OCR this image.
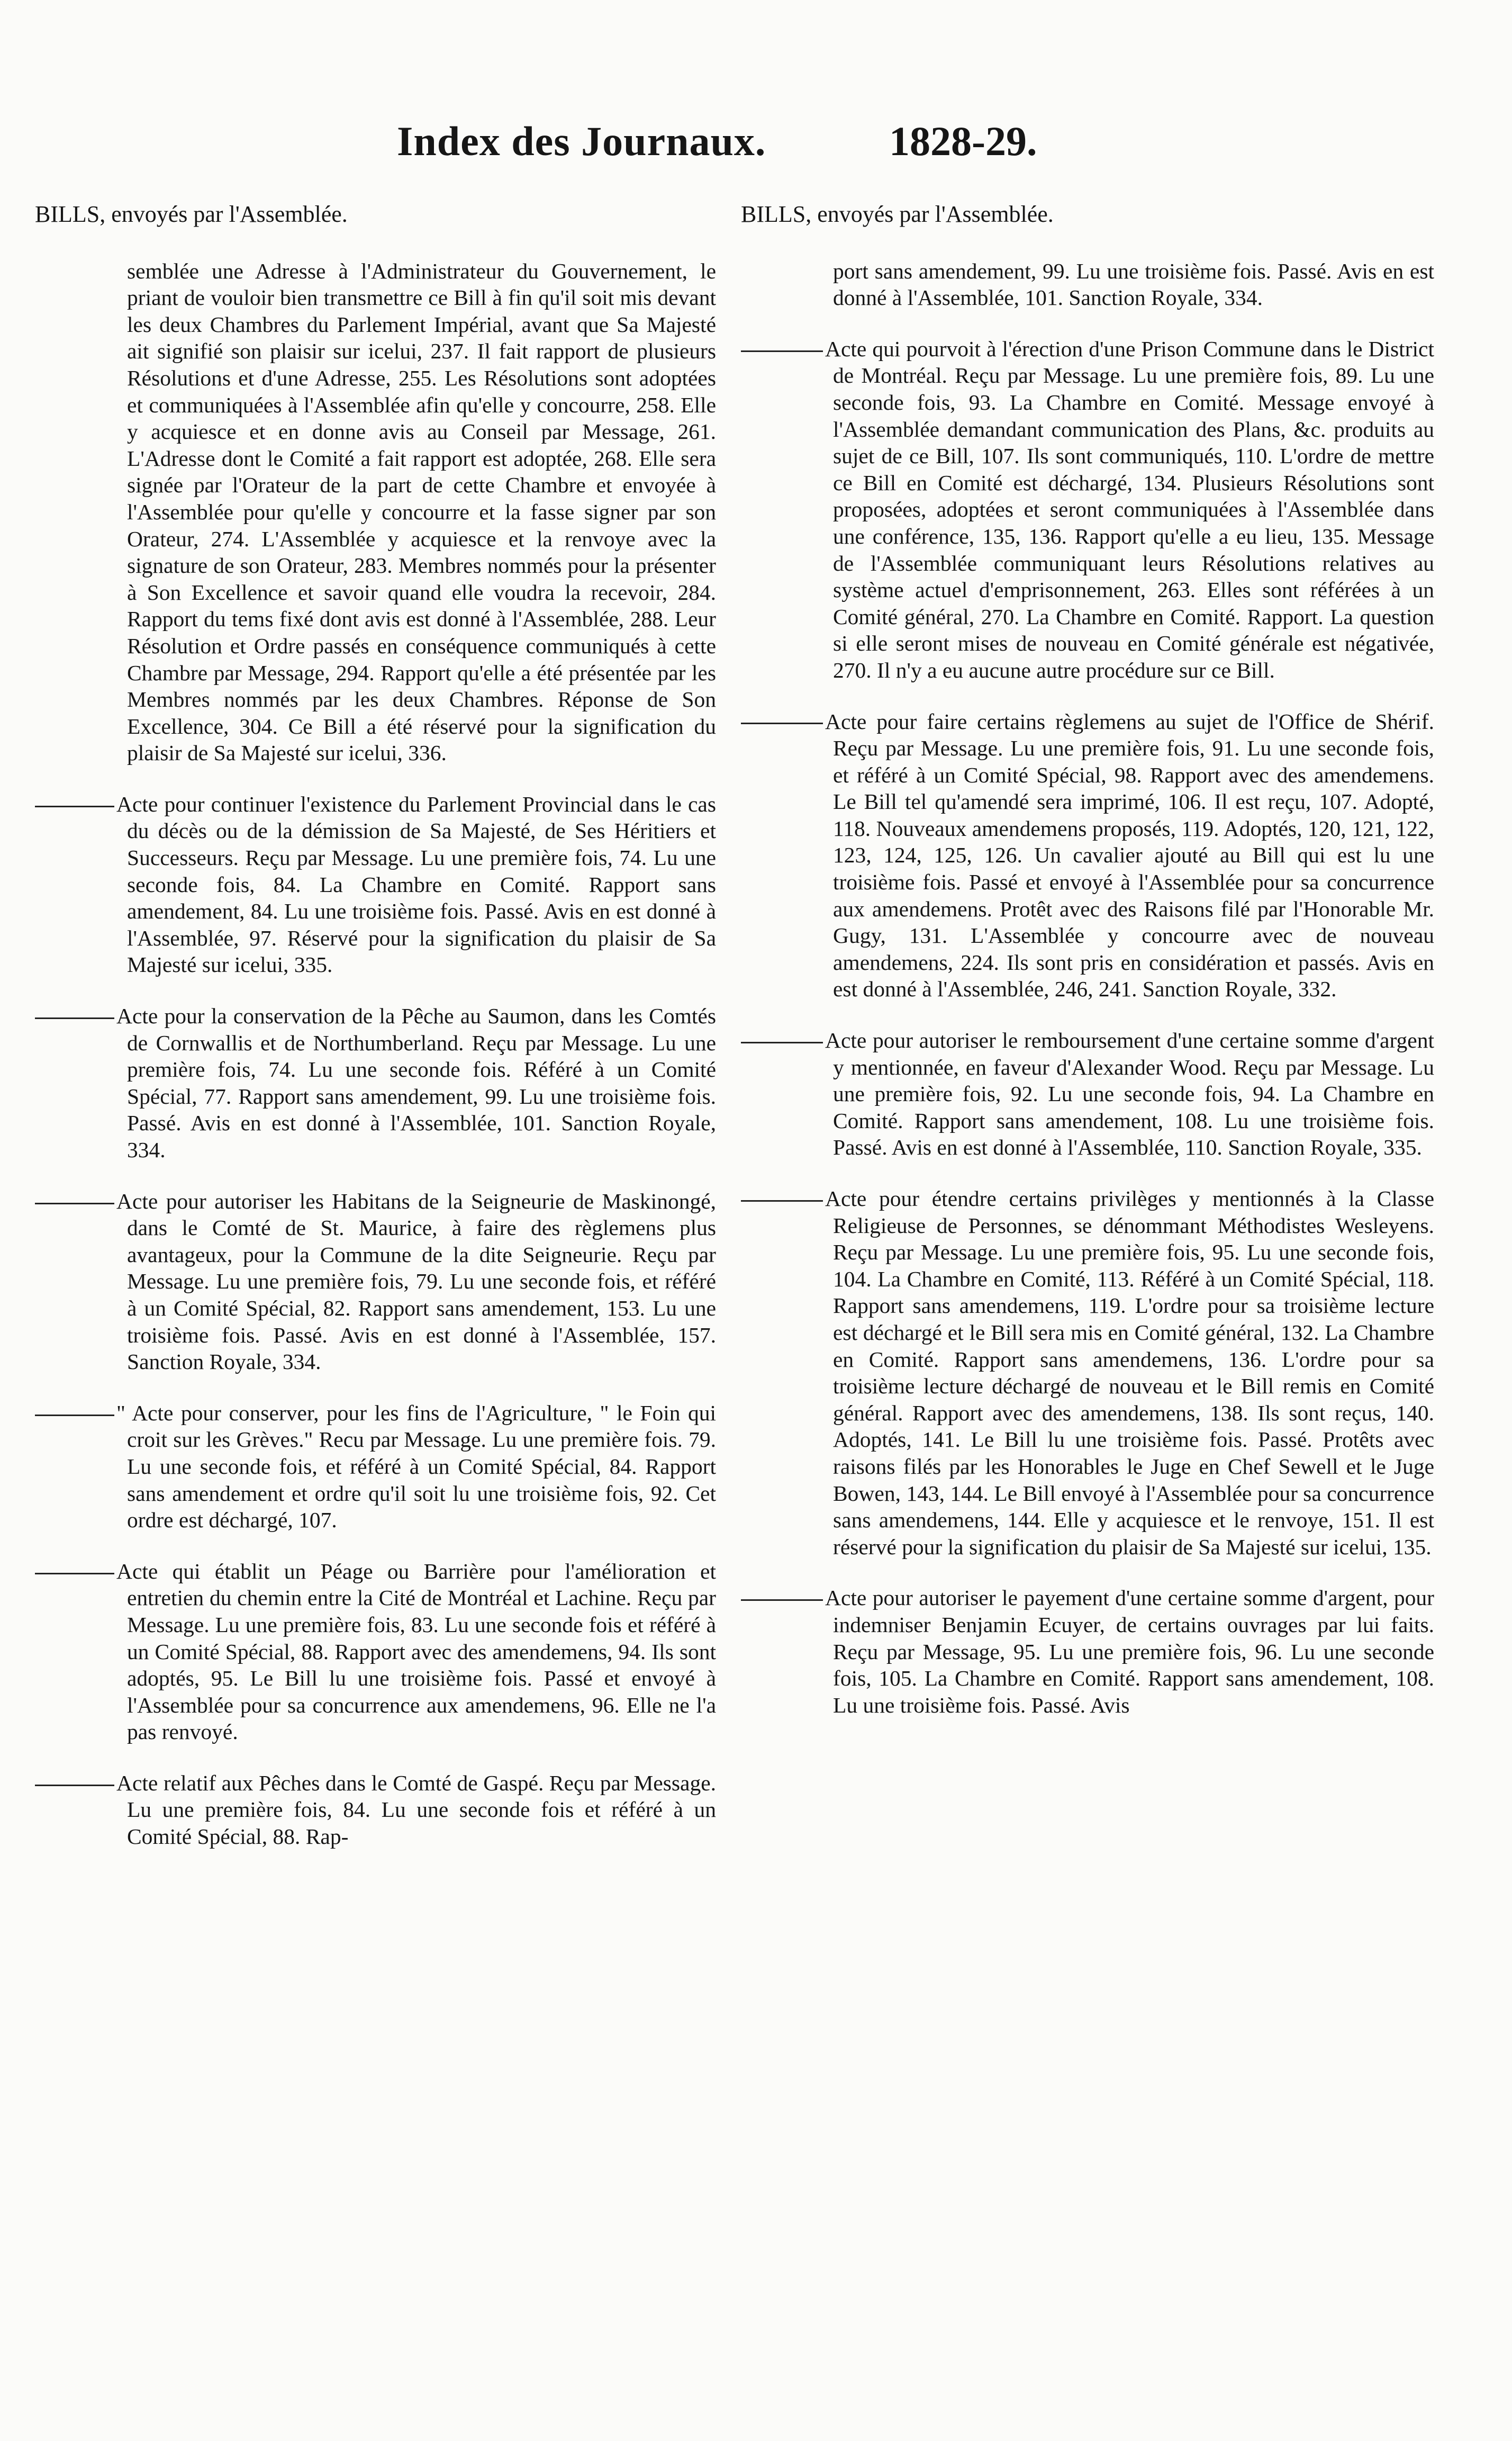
Index des Journaux.	1828-29.
BILLS, envoyés par l'Assemblée.

semblée une Adresse à l'Administrateur du Gouvernement, le priant de vouloir bien transmettre ce Bill à fin qu'il soit mis devant les deux Chambres du Parlement Impérial, avant que Sa Majesté ait signifié son plaisir sur icelui, 237. Il fait rapport de plusieurs Résolutions et d'une Adresse, 255. Les Résolutions sont adoptées et communiquées à l'Assemblée afin qu'elle y concourre, 258. Elle y acquiesce et en donne avis au Conseil par Message, 261. L'Adresse dont le Comité a fait rapport est adoptée, 268. Elle sera signée par l'Orateur de la part de cette Chambre et envoyée à l'Assemblée pour qu'elle y concourre et la fasse signer par son Orateur, 274. L'Assemblée y acquiesce et la renvoye avec la signature de son Orateur, 283. Membres nommés pour la présenter à Son Excellence et savoir quand elle voudra la recevoir, 284. Rapport du tems fixé dont avis est donné à l'Assemblée, 288. Leur Résolution et Ordre passés en conséquence communiqués à cette Chambre par Message, 294. Rapport qu'elle a été présentée par les Membres nommés par les deux Chambres. Réponse de Son Excellence, 304. Ce Bill a été réservé pour la signification du plaisir de Sa Majesté sur icelui, 336.

Acte pour continuer l'existence du Parlement Provincial dans le cas du décès ou de la démission de Sa Majesté, de Ses Héritiers et Successeurs. Reçu par Message. Lu une première fois, 74. Lu une seconde fois, 84. La Chambre en Comité. Rapport sans amendement, 84. Lu une troisième fois. Passé. Avis en est donné à l'Assemblée, 97. Réservé pour la signification du plaisir de Sa Majesté sur icelui, 335.

Acte pour la conservation de la Pêche au Saumon, dans les Comtés de Cornwallis et de Northumberland. Reçu par Message. Lu une première fois, 74. Lu une seconde fois. Référé à un Comité Spécial, 77. Rapport sans amendement, 99. Lu une troisième fois. Passé. Avis en est donné à l'Assemblée, 101. Sanction Royale, 334.

Acte pour autoriser les Habitans de la Seigneurie de Maskinongé, dans le Comté de St. Maurice, à faire des règlemens plus avantageux, pour la Commune de la dite Seigneurie. Reçu par Message. Lu une première fois, 79. Lu une seconde fois, et référé à un Comité Spécial, 82. Rapport sans amendement, 153. Lu une troisième fois. Passé. Avis en est donné à l'Assemblée, 157. Sanction Royale, 334.

" Acte pour conserver, pour les fins de l'Agriculture, " le Foin qui croit sur les Grèves." Recu par Message. Lu une première fois. 79. Lu une seconde fois, et référé à un Comité Spécial, 84. Rapport sans amendement et ordre qu'il soit lu une troisième fois, 92. Cet ordre est déchargé, 107.

Acte qui établit un Péage ou Barrière pour l'amélioration et entretien du chemin entre la Cité de Montréal et Lachine. Reçu par Message. Lu une première fois, 83. Lu une seconde fois et référé à un Comité Spécial, 88. Rapport avec des amendemens, 94. Ils sont adoptés, 95. Le Bill lu une troisième fois. Passé et envoyé à l'Assemblée pour sa concurrence aux amendemens, 96. Elle ne l'a pas renvoyé.

Acte relatif aux Pêches dans le Comté de Gaspé. Reçu par Message. Lu une première fois, 84. Lu une seconde fois et référé à un Comité Spécial, 88. Rap-

BILLS, envoyés par l'Assemblée.

port sans amendement, 99. Lu une troisième fois. Passé. Avis en est donné à l'Assemblée, 101. Sanction Royale, 334.

Acte qui pourvoit à l'érection d'une Prison Commune dans le District de Montréal. Reçu par Message. Lu une première fois, 89. Lu une seconde fois, 93. La Chambre en Comité. Message envoyé à l'Assemblée demandant communication des Plans, &c. produits au sujet de ce Bill, 107. Ils sont communiqués, 110. L'ordre de mettre ce Bill en Comité est déchargé, 134. Plusieurs Résolutions sont proposées, adoptées et seront communiquées à l'Assemblée dans une conférence, 135, 136. Rapport qu'elle a eu lieu, 135. Message de l'Assemblée communiquant leurs Résolutions relatives au système actuel d'emprisonnement, 263. Elles sont référées à un Comité général, 270. La Chambre en Comité. Rapport. La question si elle seront mises de nouveau en Comité générale est négativée, 270. Il n'y a eu aucune autre procédure sur ce Bill.

Acte pour faire certains règlemens au sujet de l'Office de Shérif. Reçu par Message. Lu une première fois, 91. Lu une seconde fois, et référé à un Comité Spécial, 98. Rapport avec des amendemens. Le Bill tel qu'amendé sera imprimé, 106. Il est reçu, 107. Adopté, 118. Nouveaux amendemens proposés, 119. Adoptés, 120, 121, 122, 123, 124, 125, 126. Un cavalier ajouté au Bill qui est lu une troisième fois. Passé et envoyé à l'Assemblée pour sa concurrence aux amendemens. Protêt avec des Raisons filé par l'Honorable Mr. Gugy, 131. L'Assemblée y concourre avec de nouveau amendemens, 224. Ils sont pris en considération et passés. Avis en est donné à l'Assemblée, 246, 241. Sanction Royale, 332.

Acte pour autoriser le remboursement d'une certaine somme d'argent y mentionnée, en faveur d'Alexander Wood. Reçu par Message. Lu une première fois, 92. Lu une seconde fois, 94. La Chambre en Comité. Rapport sans amendement, 108. Lu une troisième fois. Passé. Avis en est donné à l'Assemblée, 110. Sanction Royale, 335.

Acte pour étendre certains privilèges y mentionnés à la Classe Religieuse de Personnes, se dénommant Méthodistes Wesleyens. Reçu par Message. Lu une première fois, 95. Lu une seconde fois, 104. La Chambre en Comité, 113. Référé à un Comité Spécial, 118. Rapport sans amendemens, 119. L'ordre pour sa troisième lecture est déchargé et le Bill sera mis en Comité général, 132. La Chambre en Comité. Rapport sans amendemens, 136. L'ordre pour sa troisième lecture déchargé de nouveau et le Bill remis en Comité général. Rapport avec des amendemens, 138. Ils sont reçus, 140. Adoptés, 141. Le Bill lu une troisième fois. Passé. Protêts avec raisons filés par les Honorables le Juge en Chef Sewell et le Juge Bowen, 143, 144. Le Bill envoyé à l'Assemblée pour sa concurrence sans amendemens, 144. Elle y acquiesce et le renvoye, 151. Il est réservé pour la signification du plaisir de Sa Majesté sur icelui, 135.

Acte pour autoriser le payement d'une certaine somme d'argent, pour indemniser Benjamin Ecuyer, de certains ouvrages par lui faits. Reçu par Message, 95. Lu une première fois, 96. Lu une seconde fois, 105. La Chambre en Comité. Rapport sans amendement, 108. Lu une troisième fois. Passé. Avis
